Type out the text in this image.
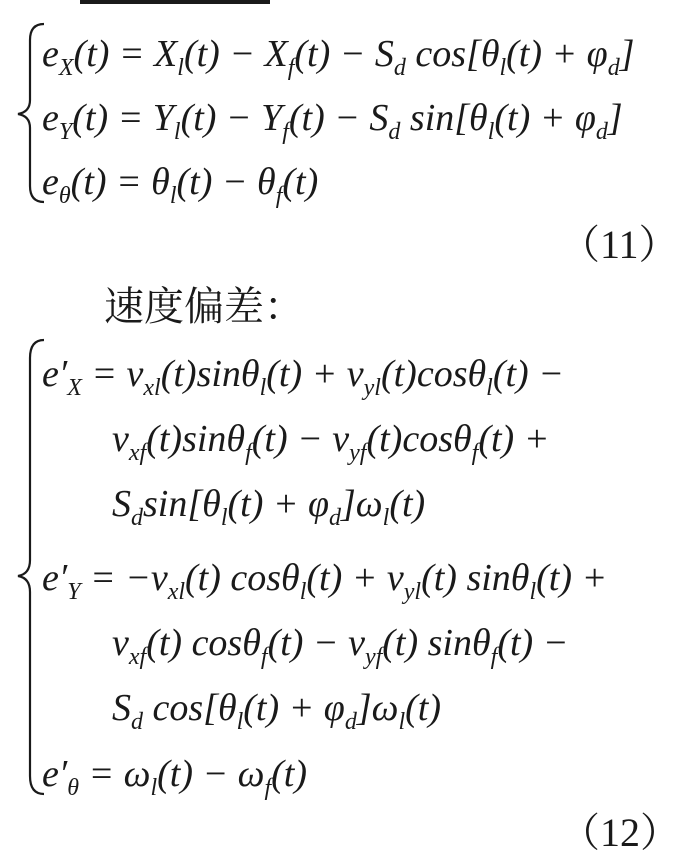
$e_X(t) = X_l(t) - X_f(t) - S_d$ $\cos[\theta_l(t) + \varphi_d]$
$e_Y(t) = Y_l(t) - Y_f(t) - S_d$ $\sin[\theta_l(t) + \varphi_d]$
$e_\theta(t) = \theta_l(t) - \theta_f(t)$
（11）
速度偏差：
$e'_X = v_{xl}(t)\sin\theta_l(t) + v_{yl}(t)\cos\theta_l(t)$ −
$v_{xf}(t)\sin\theta_f(t) - v_{yf}(t)\cos\theta_f(t)$ +
$S_d\sin[\theta_l(t) + \varphi_d]\omega_l(t)$
$e'_Y = -v_{xl}(t) \cos\theta_l(t) + v_{yl}(t) \sin\theta_l(t)$ +
$v_{xf}(t) \cos\theta_f(t) - v_{yf}(t) \sin\theta_f(t)$ −
$S_d$ $\cos[\theta_l(t) + \varphi_d]\omega_l(t)$
$e'_\theta = \omega_l(t) - \omega_f(t)$
（12）
